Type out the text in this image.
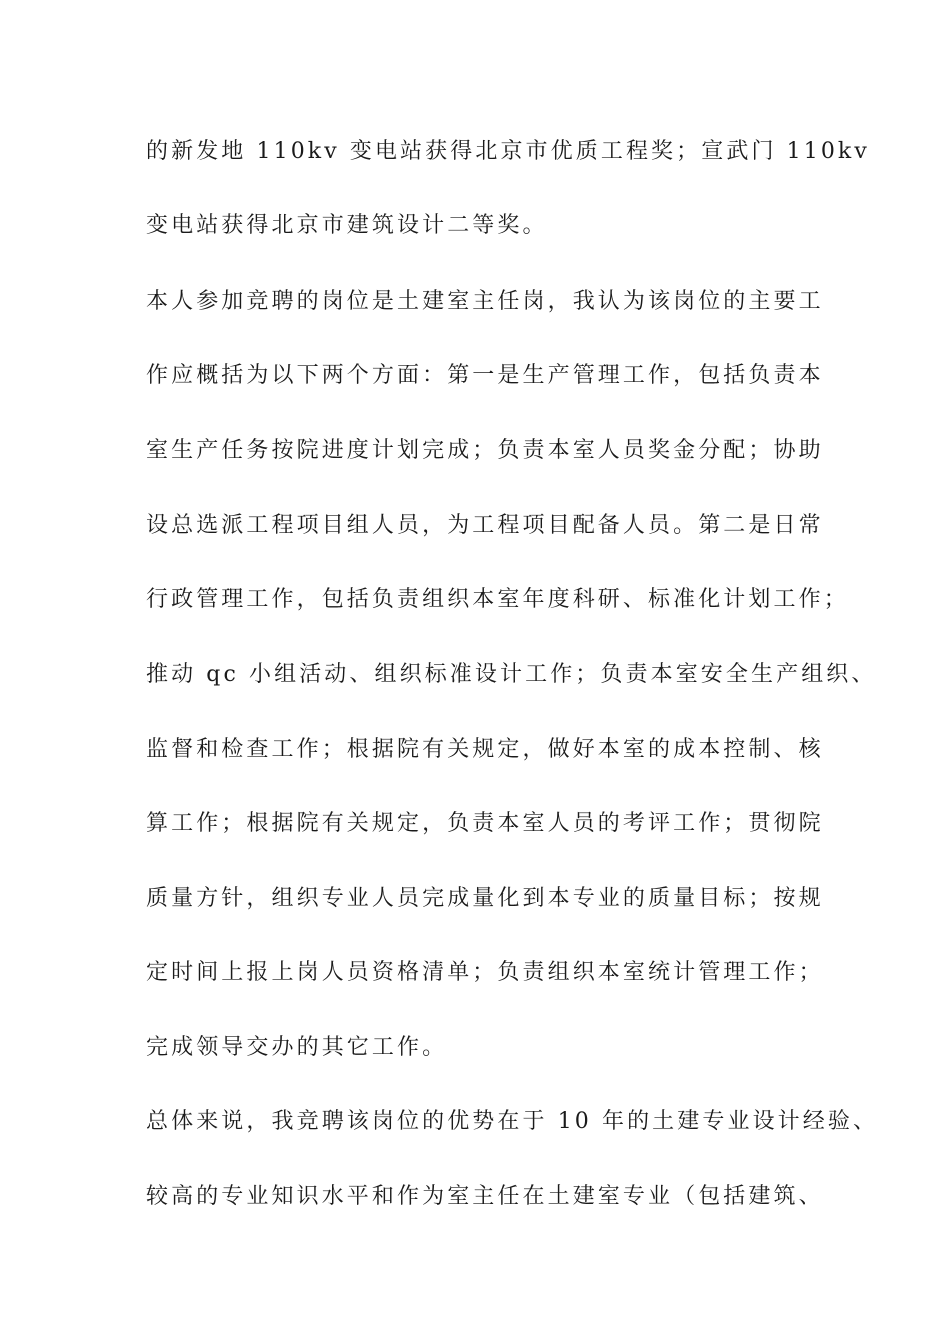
的新发地 110kv 变电站获得北京市优质工程奖；宣武门 110kv
变电站获得北京市建筑设计二等奖。
本人参加竞聘的岗位是土建室主任岗，我认为该岗位的主要工
作应概括为以下两个方面：第一是生产管理工作，包括负责本
室生产任务按院进度计划完成；负责本室人员奖金分配；协助
设总选派工程项目组人员，为工程项目配备人员。第二是日常
行政管理工作，包括负责组织本室年度科研、标准化计划工作；
推动 qc 小组活动、组织标准设计工作；负责本室安全生产组织、
监督和检查工作；根据院有关规定，做好本室的成本控制、核
算工作；根据院有关规定，负责本室人员的考评工作；贯彻院
质量方针，组织专业人员完成量化到本专业的质量目标；按规
定时间上报上岗人员资格清单；负责组织本室统计管理工作；
完成领导交办的其它工作。
总体来说，我竞聘该岗位的优势在于 10 年的土建专业设计经验、
较高的专业知识水平和作为室主任在土建室专业（包括建筑、
